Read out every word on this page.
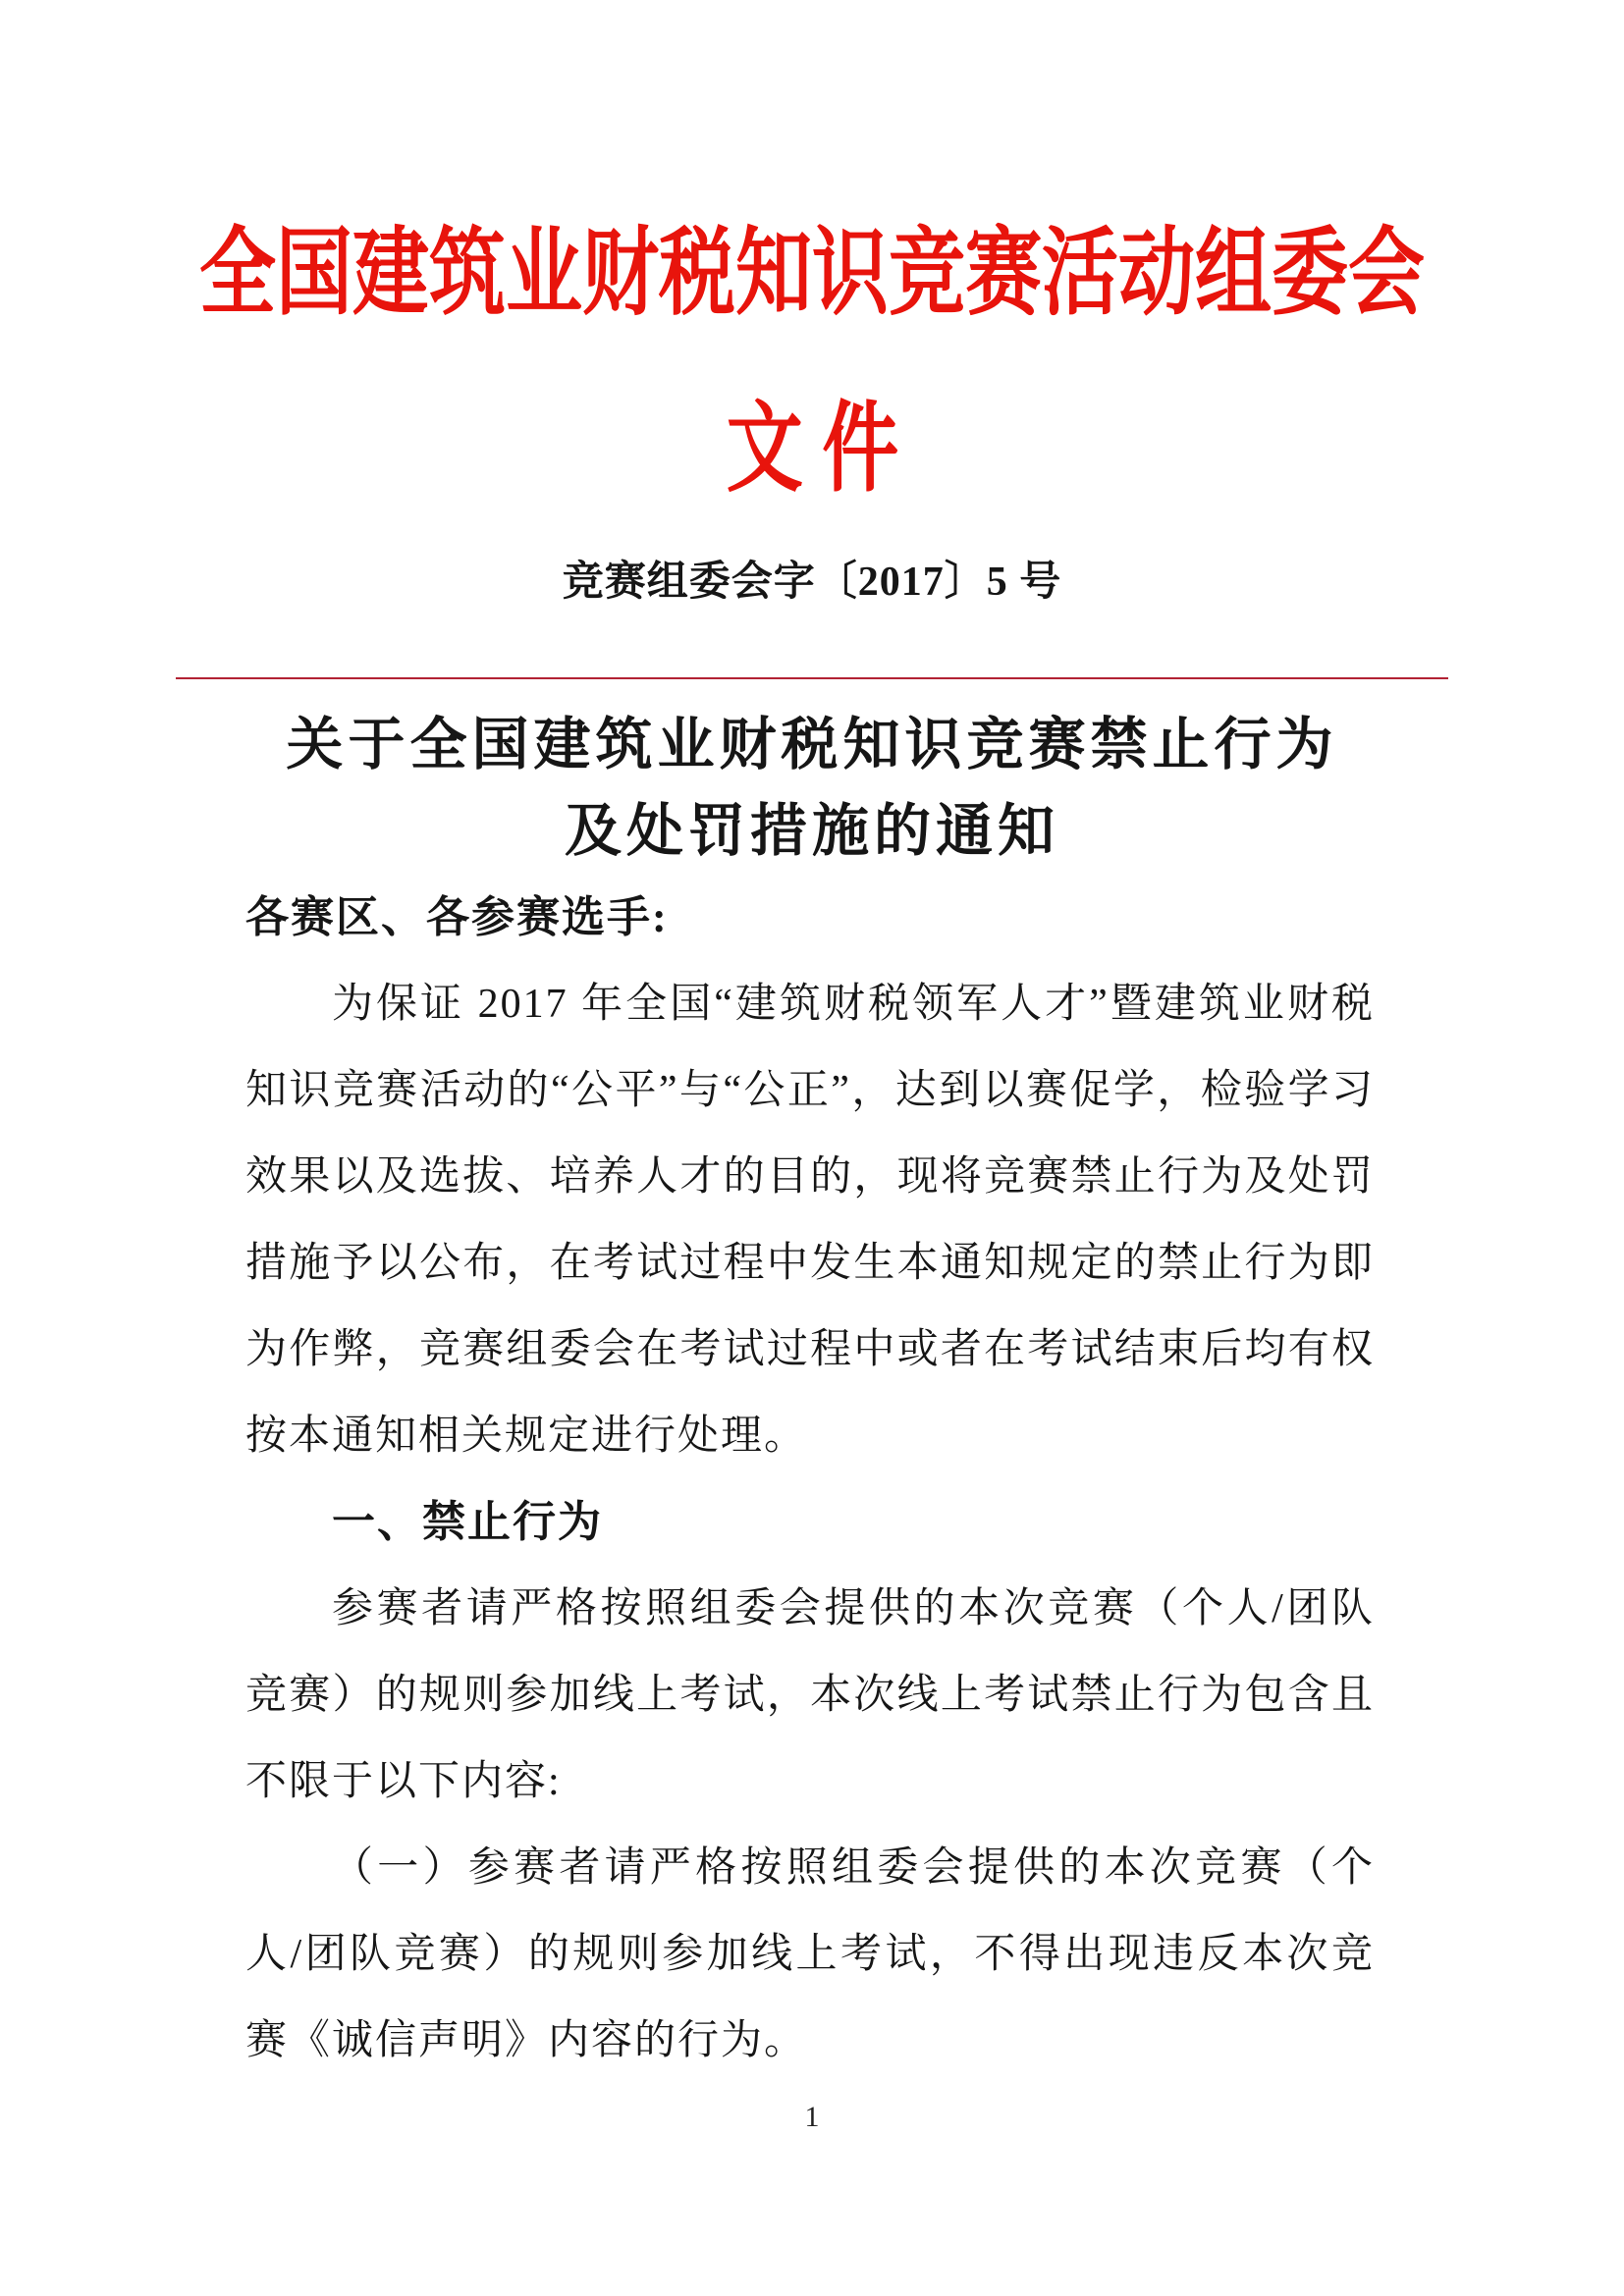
全国建筑业财税知识竞赛活动组委会
文 件
竞赛组委会字〔2017〕5 号
关于全国建筑业财税知识竞赛禁止行为
及处罚措施的通知

各赛区、各参赛选手:

为保证 2017 年全国“建筑财税领军人才”暨建筑业财税知识竞赛活动的“公平”与“公正”，达到以赛促学，检验学习效果以及选拔、培养人才的目的，现将竞赛禁止行为及处罚措施予以公布，在考试过程中发生本通知规定的禁止行为即为作弊，竞赛组委会在考试过程中或者在考试结束后均有权按本通知相关规定进行处理。

一、禁止行为

参赛者请严格按照组委会提供的本次竞赛（个人/团队竞赛）的规则参加线上考试，本次线上考试禁止行为包含且不限于以下内容:

（一）参赛者请严格按照组委会提供的本次竞赛（个人/团队竞赛）的规则参加线上考试，不得出现违反本次竞赛《诚信声明》内容的行为。

1
